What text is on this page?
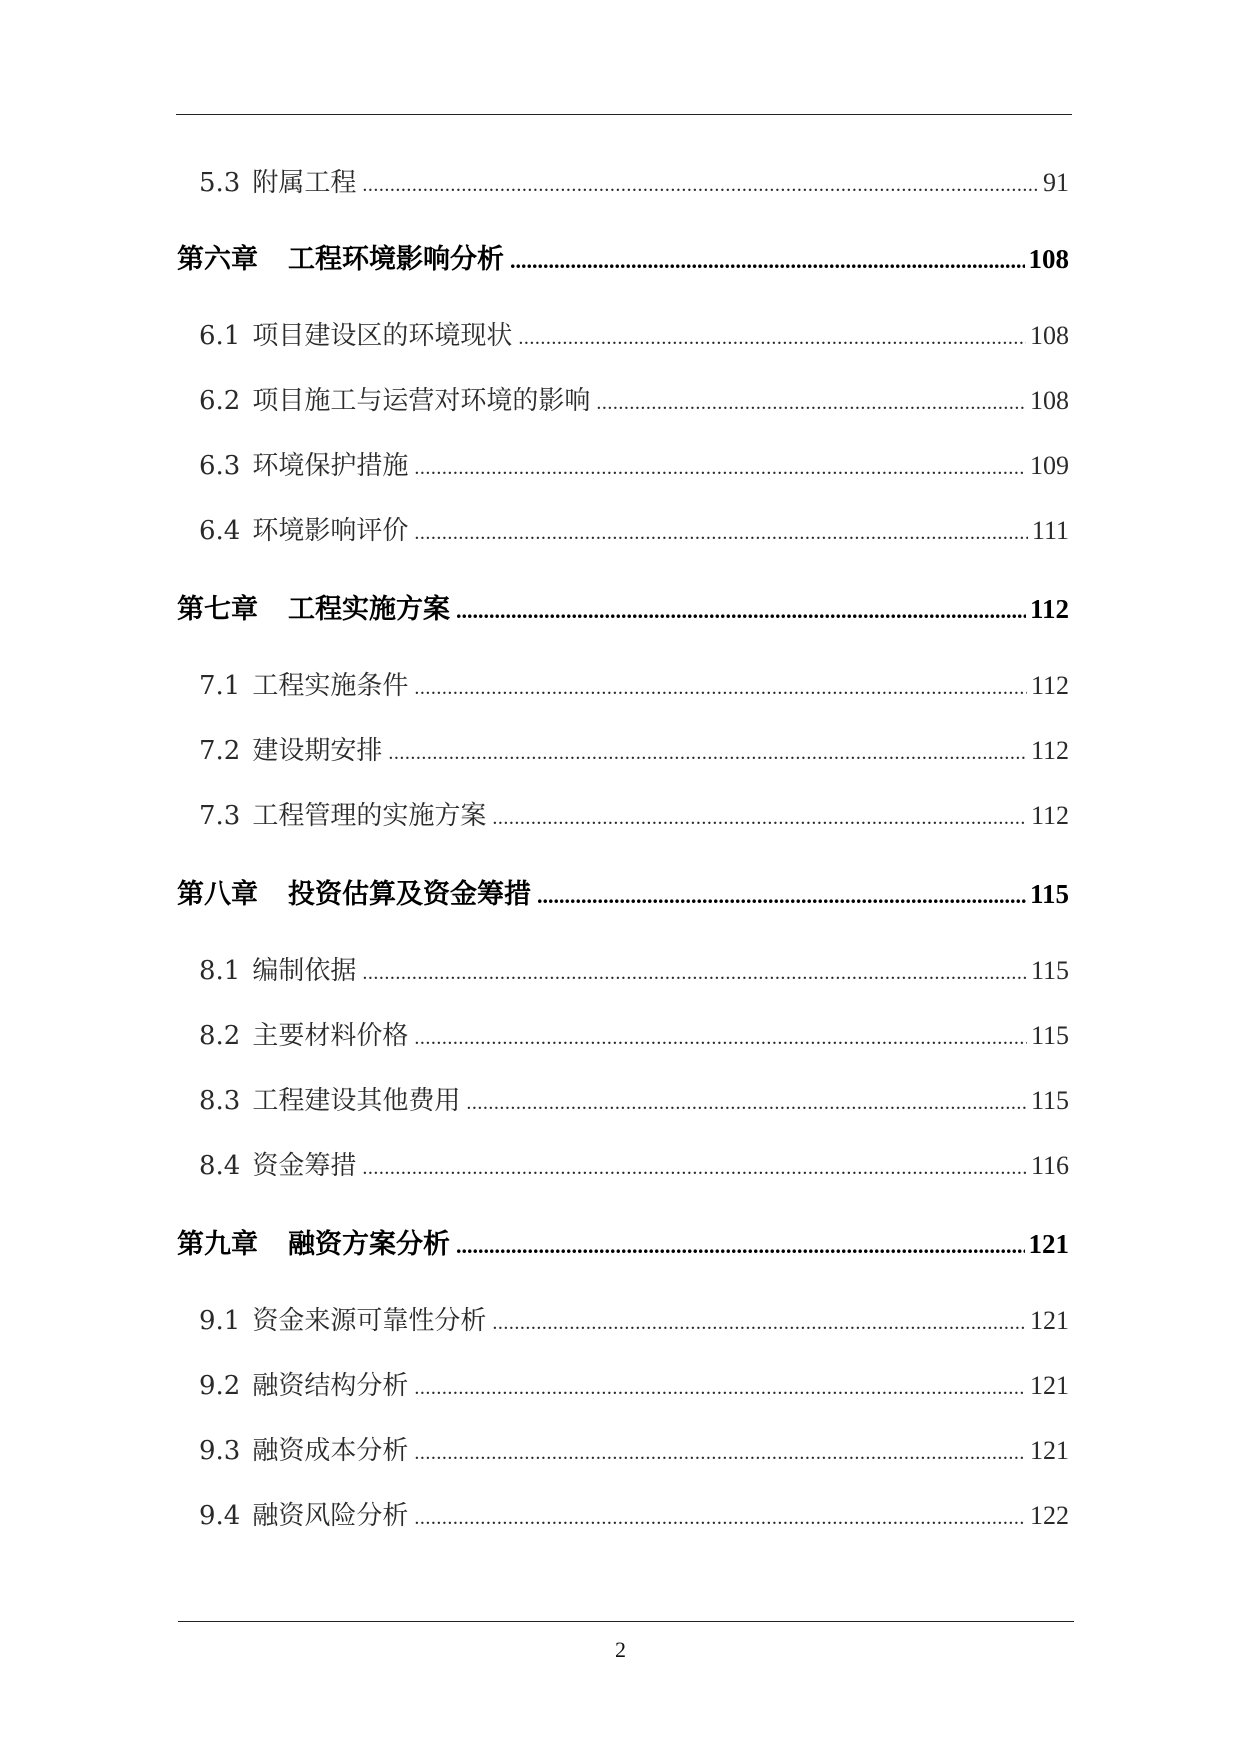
5.3 附属工程 .....	91
第六章 工程环境影响分析 .....	108
6.1 项目建设区的环境现状 .....	108
6.2 项目施工与运营对环境的影响 .....	108
6.3 环境保护措施 .....	109
6.4 环境影响评价 .....	111
第七章 工程实施方案 .....	112
7.1 工程实施条件 .....	112
7.2 建设期安排 .....	112
7.3 工程管理的实施方案 .....	112
第八章 投资估算及资金筹措 .....	115
8.1 编制依据 .....	115
8.2 主要材料价格 .....	115
8.3 工程建设其他费用 .....	115
8.4 资金筹措 .....	116
第九章 融资方案分析 .....	121
9.1 资金来源可靠性分析 .....	121
9.2 融资结构分析 .....	121
9.3 融资成本分析 .....	121
9.4 融资风险分析 .....	122
2
